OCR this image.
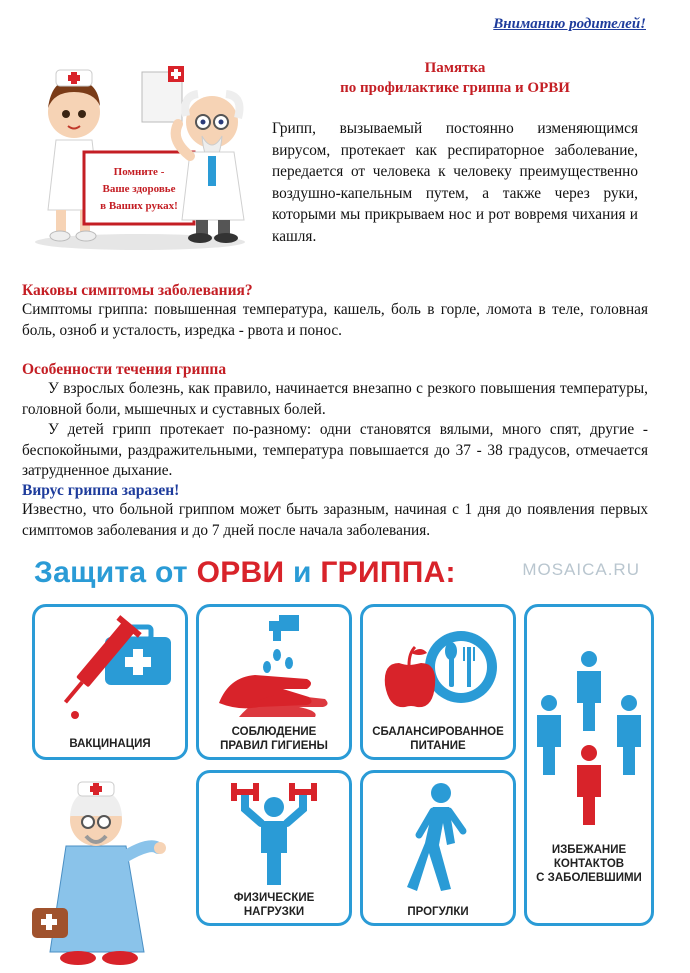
Вниманию родителей!
Помните -
Ваше здоровье
в Ваших руках!
Памятка
по профилактике гриппа и ОРВИ
Грипп, вызываемый постоянно изменяющимся вирусом, протекает как респираторное заболевание, передается от человека к человеку преимущественно воздушно-капельным путем, а также через руки, которыми мы прикрываем нос и рот вовремя чихания и кашля.
Каковы симптомы заболевания?
Симптомы гриппа: повышенная температура, кашель, боль в горле, ломота в теле, головная боль, озноб и усталость, изредка - рвота и понос.
Особенности течения гриппа
У взрослых болезнь, как правило, начинается внезапно с резкого повышения температуры, головной боли, мышечных и суставных болей.
У детей грипп протекает по-разному: одни становятся вялыми, много спят, другие - беспокойными, раздражительными, температура повышается до 37 - 38 градусов, отмечается затрудненное дыхание.
Вирус гриппа заразен!
Известно, что больной гриппом может быть заразным, начиная с 1 дня до появления первых симптомов заболевания и до 7 дней после начала заболевания.
Защита от ОРВИ и ГРИППА:	MOSAICA.RU
ВАКЦИНАЦИЯ
СОБЛЮДЕНИЕ
ПРАВИЛ ГИГИЕНЫ
СБАЛАНСИРОВАННОЕ
ПИТАНИЕ
ИЗБЕЖАНИЕ
КОНТАКТОВ
С ЗАБОЛЕВШИМИ
ФИЗИЧЕСКИЕ
НАГРУЗКИ	ПРОГУЛКИ
